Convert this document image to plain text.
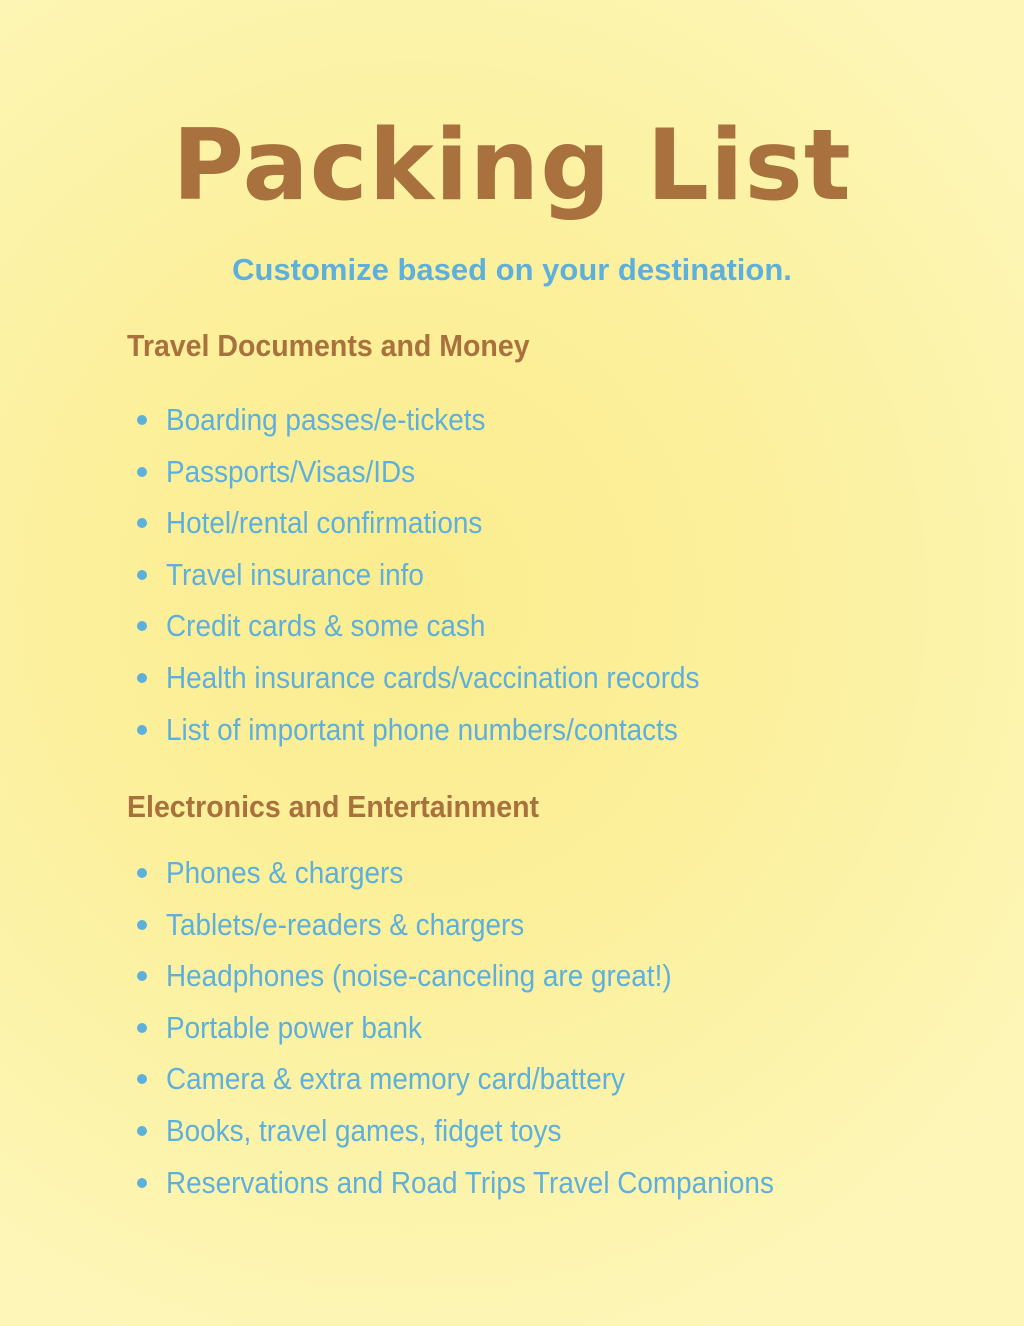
Packing List

Customize based on your destination.

Travel Documents and Money
Boarding passes/e-tickets
Passports/Visas/IDs
Hotel/rental confirmations
Travel insurance info
Credit cards & some cash
Health insurance cards/vaccination records
List of important phone numbers/contacts
Electronics and Entertainment
Phones & chargers
Tablets/e-readers & chargers
Headphones (noise-canceling are great!)
Portable power bank
Camera & extra memory card/battery
Books, travel games, fidget toys
Reservations and Road Trips Travel Companions
